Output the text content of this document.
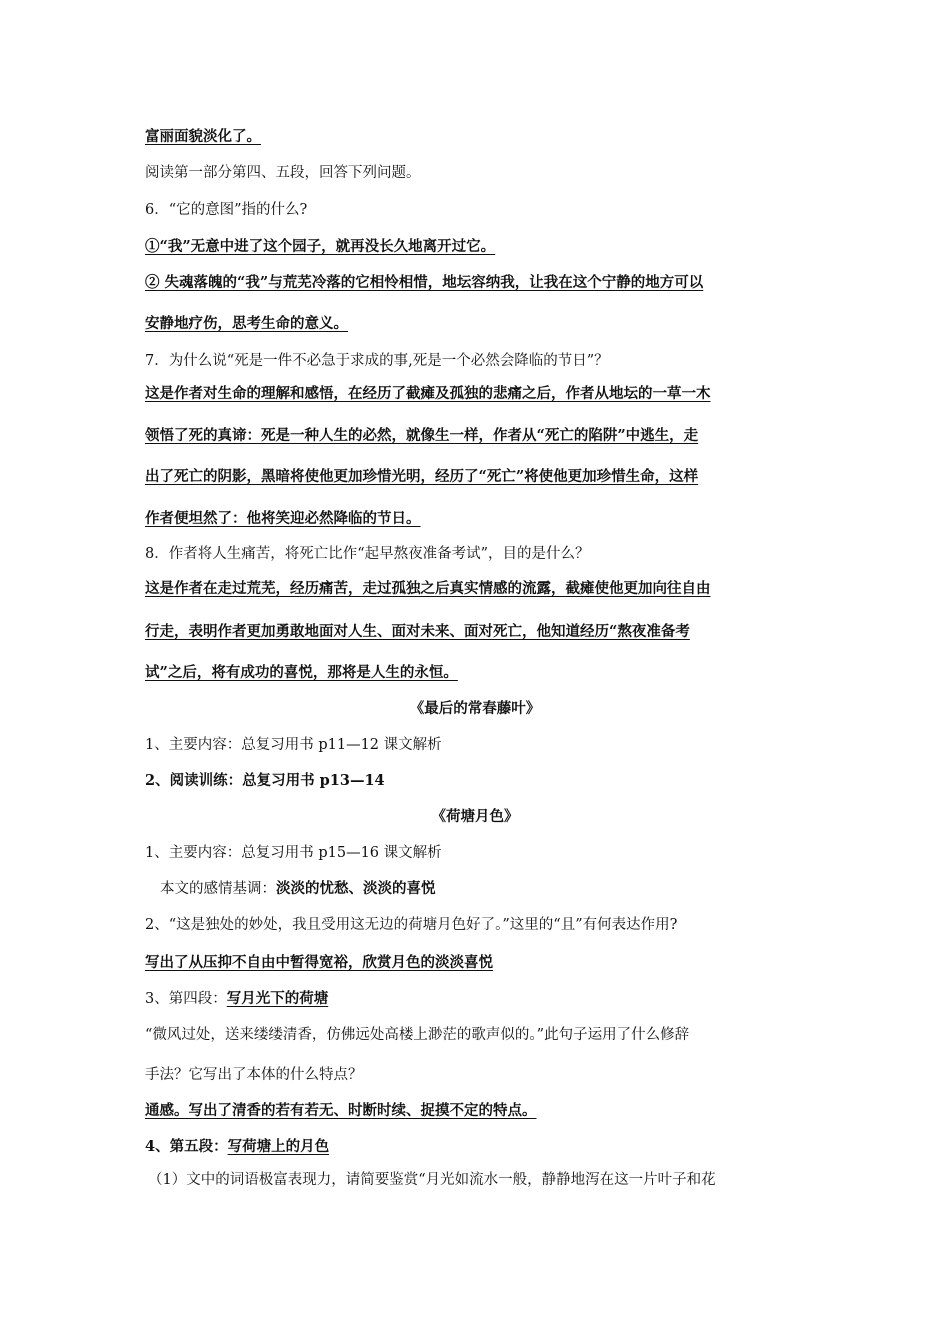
富丽面貌淡化了。
阅读第一部分第四、五段，回答下列问题。
6．“它的意图”指的什么?
①“我”无意中进了这个园子，就再没长久地离开过它。
② 失魂落魄的“我”与荒芜冷落的它相怜相惜，地坛容纳我，让我在这个宁静的地方可以
安静地疗伤，思考生命的意义。
7．为什么说“死是一件不必急于求成的事,死是一个必然会降临的节日”？
这是作者对生命的理解和感悟，在经历了截瘫及孤独的悲痛之后，作者从地坛的一草一木
领悟了死的真谛：死是一种人生的必然，就像生一样，作者从“死亡的陷阱”中逃生，走
出了死亡的阴影，黑暗将使他更加珍惜光明，经历了“死亡”将使他更加珍惜生命，这样
作者便坦然了：他将笑迎必然降临的节日。
8．作者将人生痛苦，将死亡比作“起早熬夜准备考试”，目的是什么？
这是作者在走过荒芜，经历痛苦，走过孤独之后真实情感的流露，截瘫使他更加向往自由
行走，表明作者更加勇敢地面对人生、面对未来、面对死亡，他知道经历“熬夜准备考
试”之后，将有成功的喜悦，那将是人生的永恒。
《最后的常春藤叶》
1、主要内容：总复习用书 p11—12 课文解析
2、阅读训练：总复习用书 p13—14
《荷塘月色》
1、主要内容：总复习用书 p15—16 课文解析
本文的感情基调：淡淡的忧愁、淡淡的喜悦
2、“这是独处的妙处，我且受用这无边的荷塘月色好了。”这里的“且”有何表达作用?
写出了从压抑不自由中暂得宽裕，欣赏月色的淡淡喜悦
3、第四段：写月光下的荷塘
“微风过处，送来缕缕清香，仿佛远处高楼上渺茫的歌声似的。”此句子运用了什么修辞
手法？它写出了本体的什么特点？
通感。写出了清香的若有若无、时断时续、捉摸不定的特点。
4、第五段：写荷塘上的月色
（1）文中的词语极富表现力，请简要鉴赏“月光如流水一般，静静地泻在这一片叶子和花
